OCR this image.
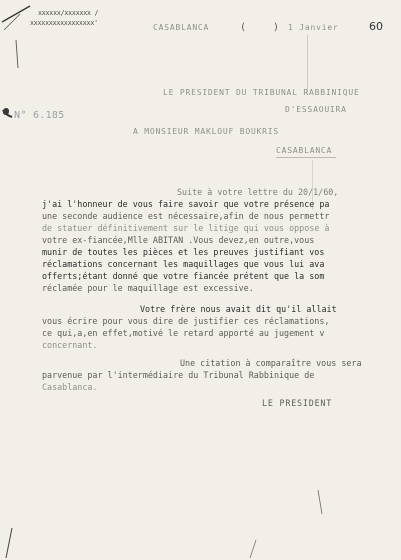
xxxxxx/xxxxxxx /
xxxxxxxxxxxxxxxxx'	CASABLANCA	(	) 1 Janvier	60
N° 6.185
LE PRESIDENT DU TRIBUNAL RABBINIQUE
D'ESSAOUIRA
A MONSIEUR MAKLOUF BOUKRIS
CASABLANCA
Suite à votre lettre du 20/1/60,
j'ai l'honneur de vous faire savoir que votre présence pa
une seconde audience est nécessaire,afin de nous permettr
de statuer définitivement sur le litige qui vous oppose à
votre ex-fiancée,Mlle ABITAN .Vous devez,en outre,vous
munir de toutes les pièces et les preuves justifiant vos
réclamations concernant les maquillages que vous lui ava
offerts;étant donné que votre fiancée prétent que la som
réclamée pour le maquillage est excessive.
Votre frère nous avait dit qu'il allait
vous écrire pour vous dire de justifier ces réclamations,
ce qui,a,en effet,motivé le retard apporté au jugement v
concernant.
Une citation à comparaître vous sera
parvenue par l'intermédiaire du Tribunal Rabbinique de
Casablanca.
LE PRESIDENT
